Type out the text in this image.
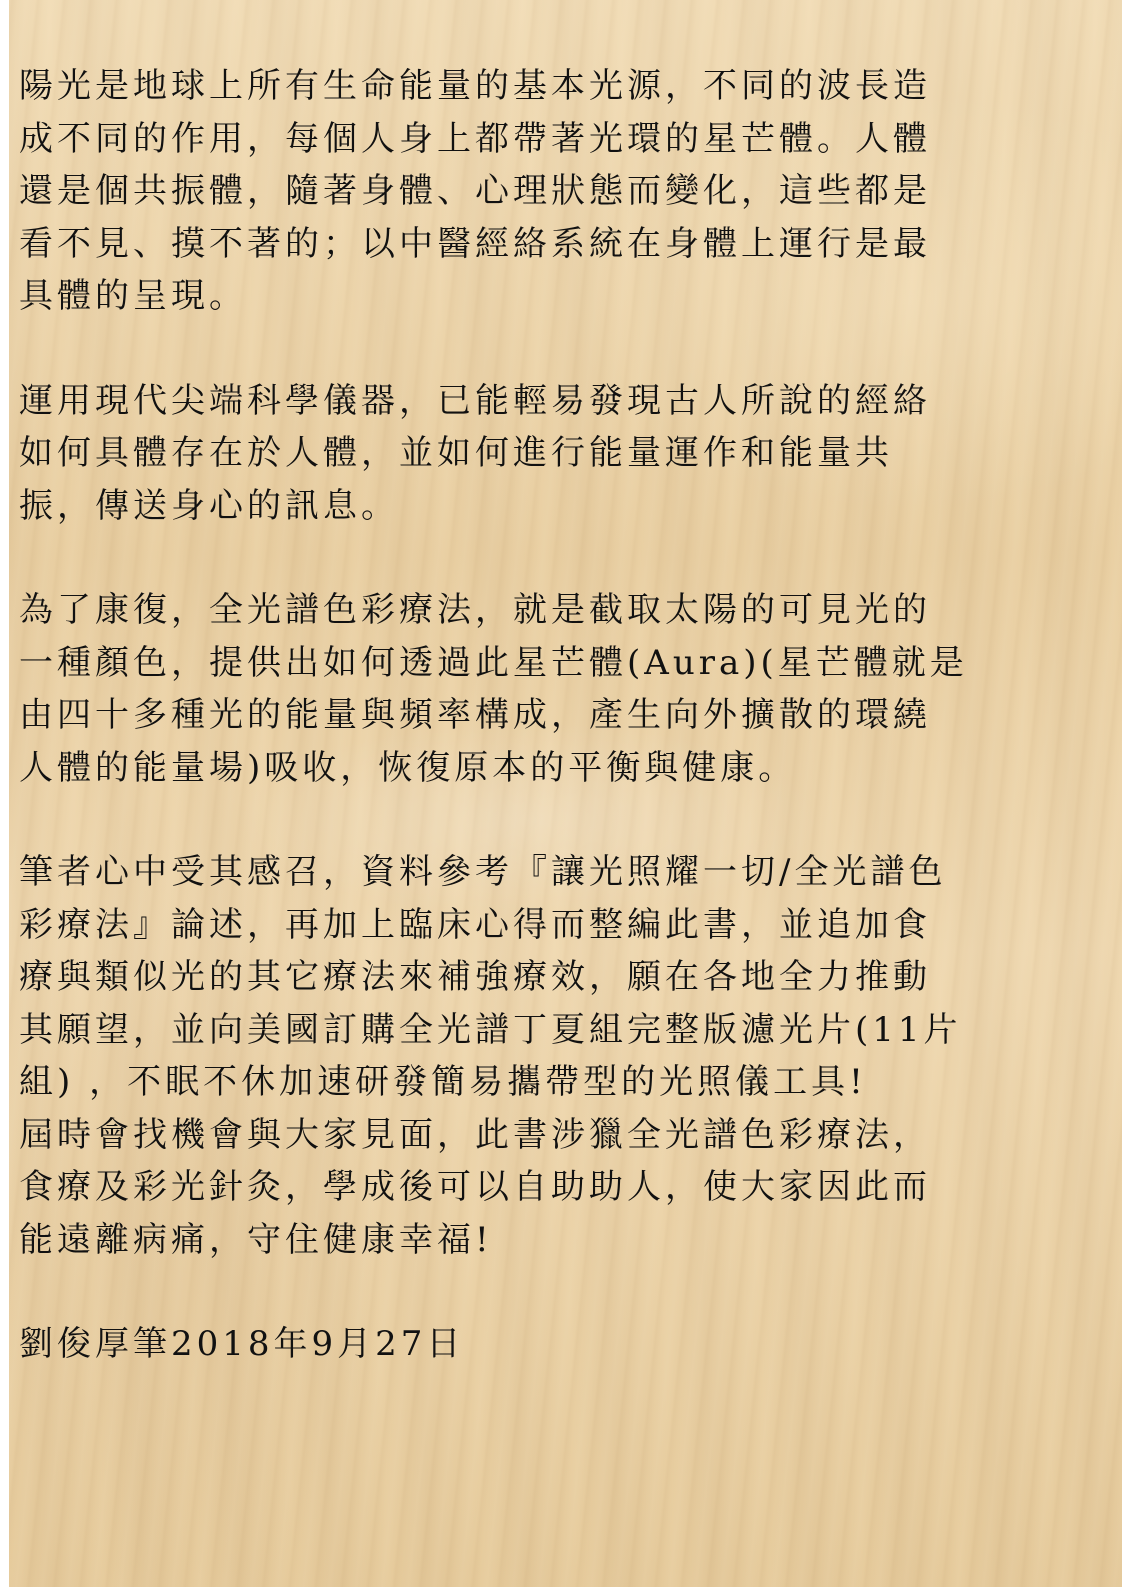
陽光是地球上所有生命能量的基本光源，不同的波長造
成不同的作用，每個人身上都帶著光環的星芒體。人體
還是個共振體，隨著身體、心理狀態而變化，這些都是
看不見、摸不著的；以中醫經絡系統在身體上運行是最
具體的呈現。

運用現代尖端科學儀器，已能輕易發現古人所說的經絡
如何具體存在於人體，並如何進行能量運作和能量共
振，傳送身心的訊息。

為了康復，全光譜色彩療法，就是截取太陽的可見光的
一種顏色，提供出如何透過此星芒體(Aura)(星芒體就是
由四十多種光的能量與頻率構成，產生向外擴散的環繞
人體的能量場)吸收，恢復原本的平衡與健康。

筆者心中受其感召，資料參考『讓光照耀一切/全光譜色
彩療法』論述，再加上臨床心得而整編此書，並追加食
療與類似光的其它療法來補強療效，願在各地全力推動
其願望，並向美國訂購全光譜丁夏組完整版濾光片(11片
組) ，不眠不休加速研發簡易攜帶型的光照儀工具!
屆時會找機會與大家見面，此書涉獵全光譜色彩療法，
食療及彩光針灸，學成後可以自助助人，使大家因此而
能遠離病痛，守住健康幸福!

劉俊厚筆2018年9月27日
